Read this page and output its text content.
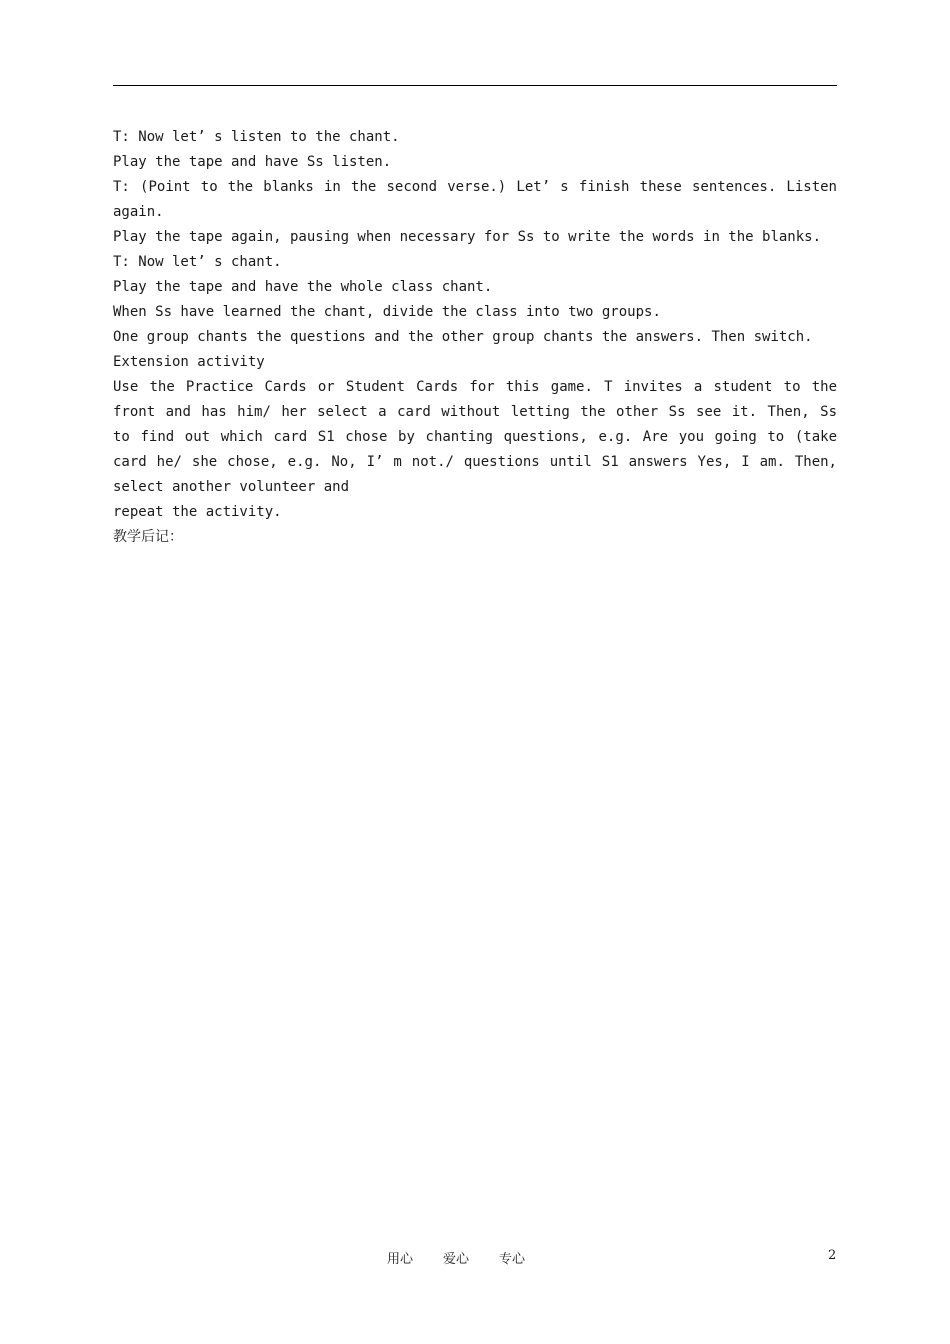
T: Now let’ s listen to the chant.
Play the tape and have Ss listen.
T: (Point to the blanks in the second verse.) Let’ s finish these sentences. Listen
again.
Play the tape again, pausing when necessary for Ss to write the words in the blanks.
T: Now let’ s chant.
Play the tape and have the whole class chant.
When Ss have learned the chant, divide the class into two groups.
One group chants the questions and the other group chants the answers. Then switch.
Extension activity
Use the Practice Cards or Student Cards for this game. T invites a student to the
front and has him/ her select a card without letting the other Ss see it. Then, Ss
to find out which card S1 chose by chanting questions, e.g. Are you going to (take
card he/ she chose, e.g. No, I’ m not./ questions until S1 answers Yes, I am. Then,
select another volunteer and
repeat the activity.
教学后记：
用心 爱心 专心	2
